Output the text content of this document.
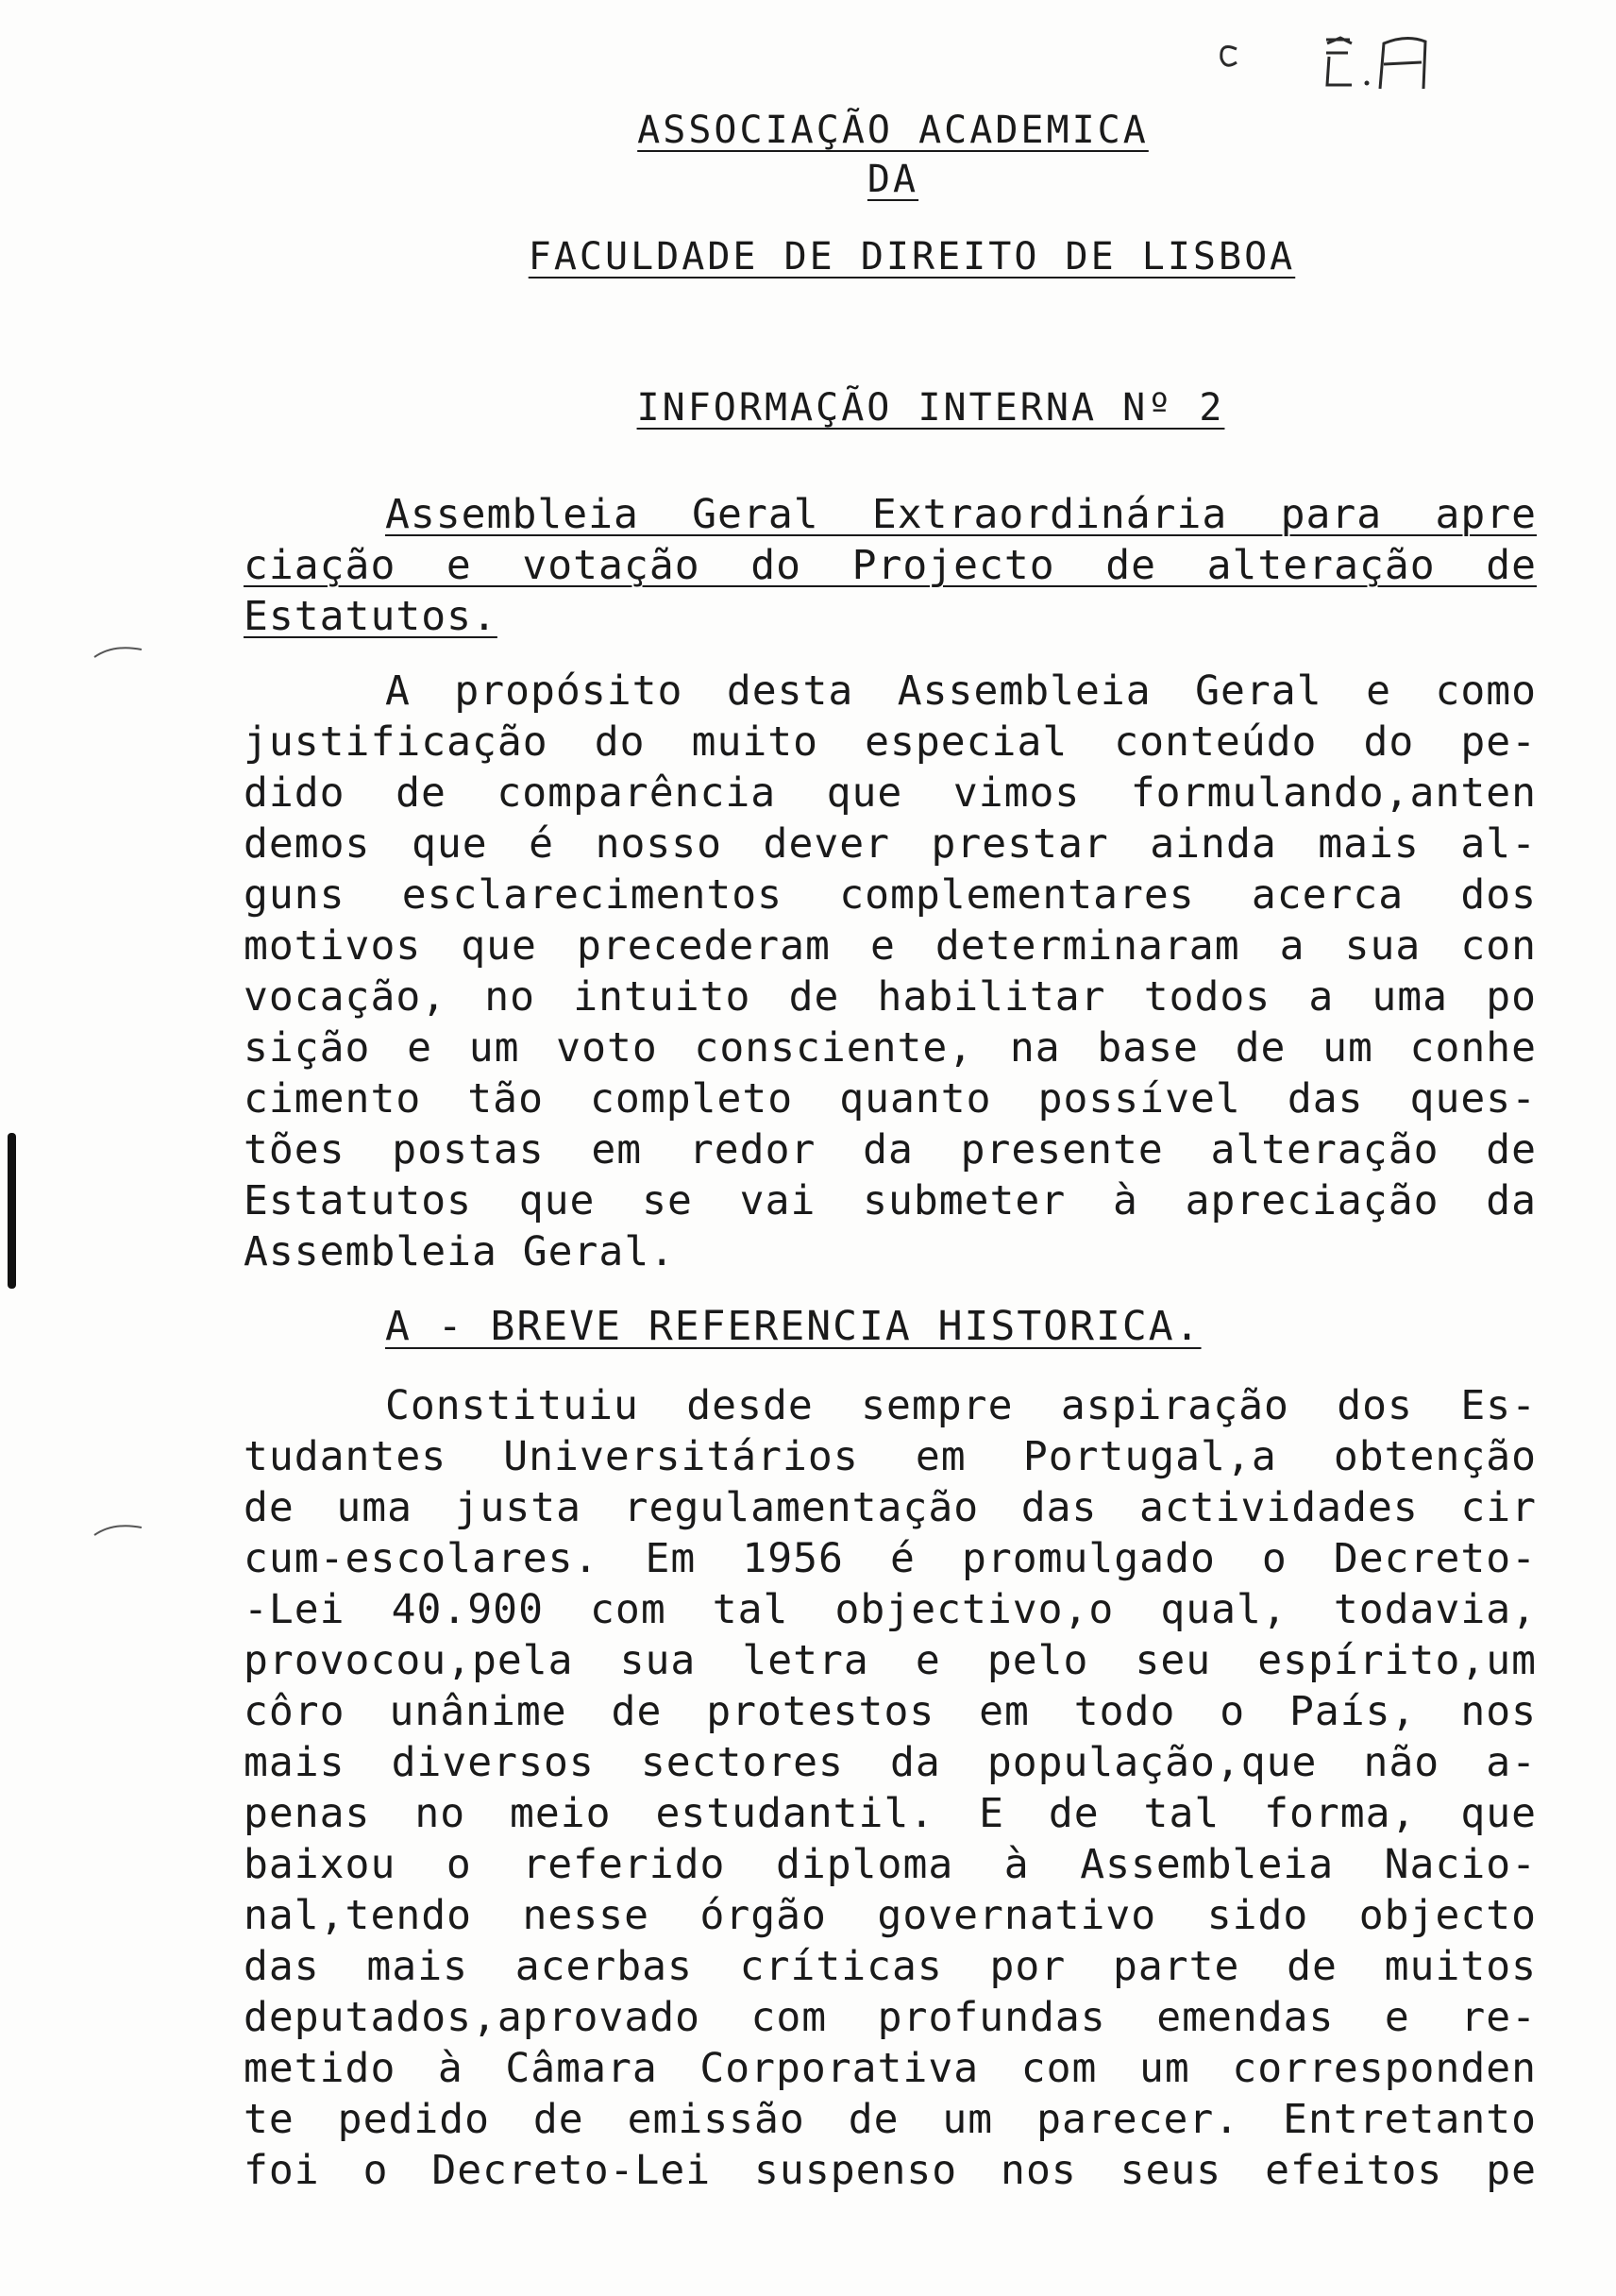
ASSOCIAÇÃO ACADEMICA
DA
FACULDADE DE DIREITO DE LISBOA
INFORMAÇÃO INTERNA Nº 2
Assembleia Geral Extraordinária para apre
ciação e votação do Projecto de alteração de
Estatutos.
A propósito desta Assembleia Geral e como
justificação do muito especial conteúdo do pe-
dido de comparência que vimos formulando,anten
demos que é nosso dever prestar ainda mais al-
guns esclarecimentos complementares acerca dos
motivos que precederam e determinaram a sua con
vocação, no intuito de habilitar todos a uma po
sição e um voto consciente, na base de um conhe
cimento tão completo quanto possível das ques-
tões postas em redor da presente alteração de
Estatutos que se vai submeter à apreciação da
Assembleia Geral.
A - BREVE REFERENCIA HISTORICA.
Constituiu desde sempre aspiração dos Es-
tudantes Universitários em Portugal,a obtenção
de uma justa regulamentação das actividades cir
cum-escolares. Em 1956 é promulgado o Decreto-
-Lei 40.900 com tal objectivo,o qual, todavia,
provocou,pela sua letra e pelo seu espírito,um
côro unânime de protestos em todo o País, nos
mais diversos sectores da população,que não a-
penas no meio estudantil. E de tal forma, que
baixou o referido diploma à Assembleia Nacio-
nal,tendo nesse órgão governativo sido objecto
das mais acerbas críticas por parte de muitos
deputados,aprovado com profundas emendas e re-
metido à Câmara Corporativa com um corresponden
te pedido de emissão de um parecer. Entretanto
foi o Decreto-Lei suspenso nos seus efeitos pe
